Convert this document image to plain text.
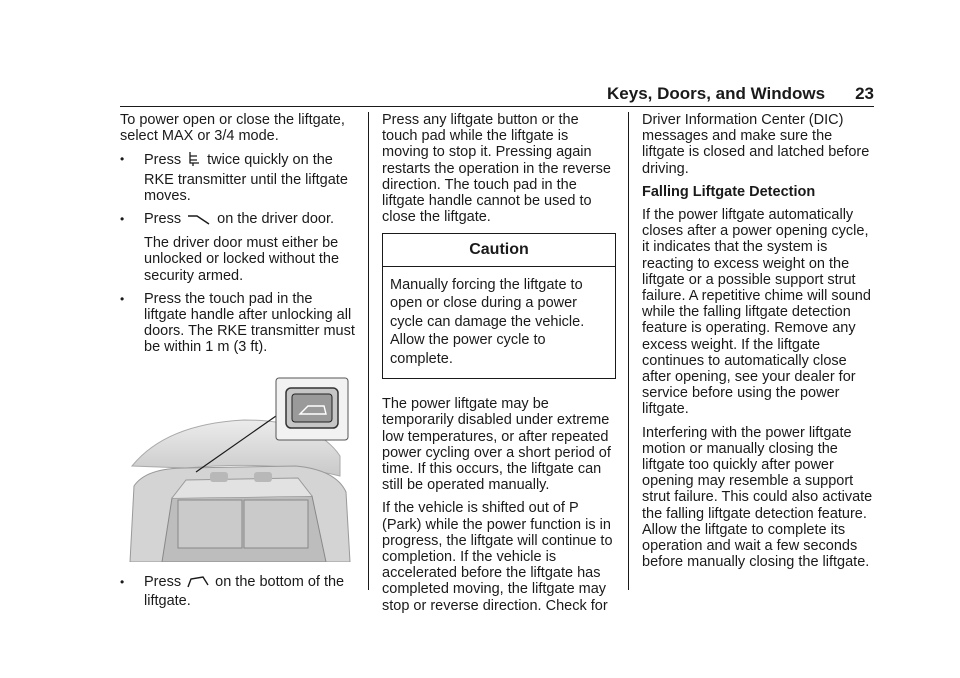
Keys, Doors, and Windows 23

To power open or close the liftgate, select MAX or 3/4 mode.

•	Press twice quickly on the RKE transmitter until the liftgate moves.
•	Press on the driver door.
The driver door must either be unlocked or locked without the security armed.
•	Press the touch pad in the liftgate handle after unlocking all doors. The RKE transmitter must be within 1 m (3 ft).
•	Press on the bottom of the liftgate.

Press any liftgate button or the touch pad while the liftgate is moving to stop it. Pressing again restarts the operation in the reverse direction. The touch pad in the liftgate handle cannot be used to close the liftgate.

Caution
Manually forcing the liftgate to open or close during a power cycle can damage the vehicle. Allow the power cycle to complete.

The power liftgate may be temporarily disabled under extreme low temperatures, or after repeated power cycling over a short period of time. If this occurs, the liftgate can still be operated manually.

If the vehicle is shifted out of P (Park) while the power function is in progress, the liftgate will continue to completion. If the vehicle is accelerated before the liftgate has completed moving, the liftgate may stop or reverse direction. Check for

Driver Information Center (DIC) messages and make sure the liftgate is closed and latched before driving.

Falling Liftgate Detection

If the power liftgate automatically closes after a power opening cycle, it indicates that the system is reacting to excess weight on the liftgate or a possible support strut failure. A repetitive chime will sound while the falling liftgate detection feature is operating. Remove any excess weight. If the liftgate continues to automatically close after opening, see your dealer for service before using the power liftgate.

Interfering with the power liftgate motion or manually closing the liftgate too quickly after power opening may resemble a support strut failure. This could also activate the falling liftgate detection feature. Allow the liftgate to complete its operation and wait a few seconds before manually closing the liftgate.
